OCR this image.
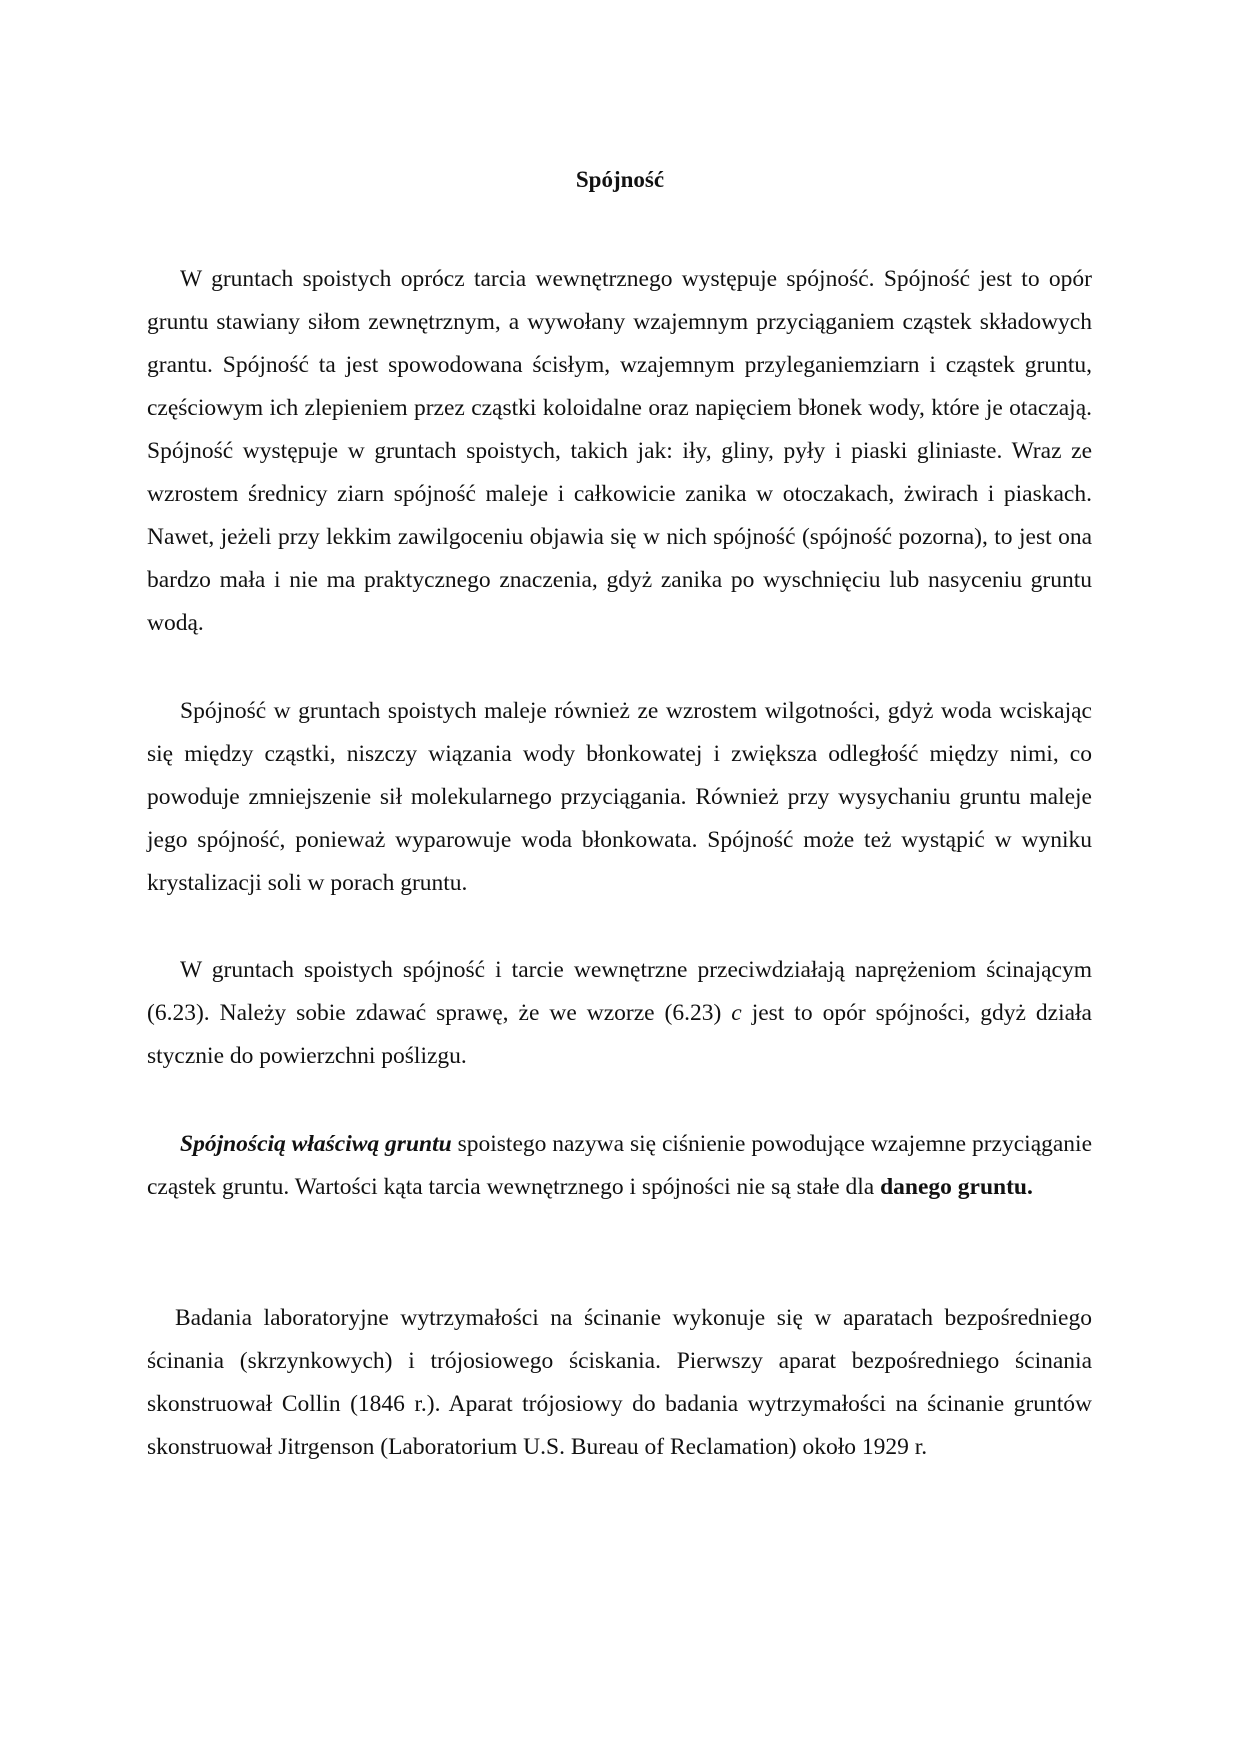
Spójność

W gruntach spoistych oprócz tarcia wewnętrznego występuje spójność. Spójność jest to opór gruntu stawiany siłom zewnętrznym, a wywołany wzajemnym przyciąganiem cząstek składowych grantu. Spójność ta jest spowodowana ścisłym, wzajemnym przyleganiemziarn i cząstek gruntu, częściowym ich zlepieniem przez cząstki koloidalne oraz napięciem błonek wody, które je otaczają. Spójność występuje w gruntach spoistych, takich jak: iły, gliny, pyły i piaski gliniaste. Wraz ze wzrostem średnicy ziarn spójność maleje i całkowicie zanika w otoczakach, żwirach i piaskach. Nawet, jeżeli przy lekkim zawilgoceniu objawia się w nich spójność (spójność pozorna), to jest ona bardzo mała i nie ma praktycznego znaczenia, gdyż zanika po wyschnięciu lub nasyceniu gruntu wodą.

Spójność w gruntach spoistych maleje również ze wzrostem wilgotności, gdyż woda wciskając się między cząstki, niszczy wiązania wody błonkowatej i zwiększa odległość między nimi, co powoduje zmniejszenie sił molekularnego przyciągania. Również przy wysychaniu gruntu maleje jego spójność, ponieważ wyparowuje woda błonkowata. Spójność może też wystąpić w wyniku krystalizacji soli w porach gruntu.

W gruntach spoistych spójność i tarcie wewnętrzne przeciwdziałają naprężeniom ścinającym (6.23). Należy sobie zdawać sprawę, że we wzorze (6.23) c jest to opór spójności, gdyż działa stycznie do powierzchni poślizgu.

Spójnością właściwą gruntu spoistego nazywa się ciśnienie powodujące wzajemne przyciąganie cząstek gruntu. Wartości kąta tarcia wewnętrznego i spójności nie są stałe dla danego gruntu.

Badania laboratoryjne wytrzymałości na ścinanie wykonuje się w aparatach bezpośredniego ścinania (skrzynkowych) i trójosiowego ściskania. Pierwszy aparat bezpośredniego ścinania skonstruował Collin (1846 r.). Aparat trójosiowy do badania wytrzymałości na ścinanie gruntów skonstruował Jitrgenson (Laboratorium U.S. Bureau of Reclamation) około 1929 r.
